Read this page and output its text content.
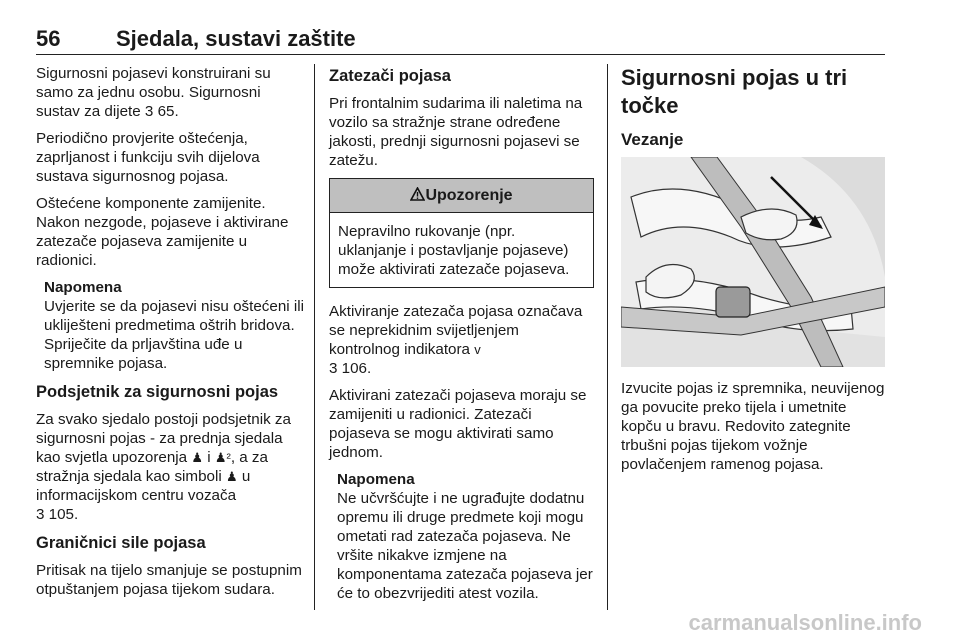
56	Sjedala, sustavi zaštite

Sigurnosni pojasevi konstruirani su samo za jednu osobu. Sigurnosni sustav za dijete 3 65.

Periodično provjerite oštećenja, zaprljanost i funkciju svih dijelova sustava sigurnosnog pojasa.

Oštećene komponente zamijenite. Nakon nezgode, pojaseve i aktivirane zatezače pojaseva zamijenite u radionici.

Napomena
Uvjerite se da pojasevi nisu oštećeni ili ukliješteni predmetima oštrih bridova. Spriječite da prljavština uđe u spremnike pojasa.
Podsjetnik za sigurnosni pojas

Za svako sjedalo postoji podsjetnik za sigurnosni pojas - za prednja sjedala kao svjetla upozorenja ♟ i ♟², a za stražnja sjedala kao simboli ♟ u informacijskom centru vozača
3 105.

Graničnici sile pojasa

Pritisak na tijelo smanjuje se postupnim otpuštanjem pojasa tijekom sudara.

Zatezači pojasa

Pri frontalnim sudarima ili naletima na vozilo sa stražnje strane određene jakosti, prednji sigurnosni pojasevi se zatežu.

Upozorenje
Nepravilno rukovanje (npr. uklanjanje i postavljanje pojaseve) može aktivirati zatezače pojaseva.

Aktiviranje zatezača pojasa označava se neprekidnim svijetljenjem kontrolnog indikatora v
3 106.

Aktivirani zatezači pojaseva moraju se zamijeniti u radionici. Zatezači pojaseva se mogu aktivirati samo jednom.

Napomena
Ne učvršćujte i ne ugrađujte dodatnu opremu ili druge predmete koji mogu ometati rad zatezača pojaseva. Ne vršite nikakve izmjene na komponentama zatezača pojaseva jer će to obezvrijediti atest vozila.
Sigurnosni pojas u tri točke
Vezanje

Izvucite pojas iz spremnika, neuvijenog ga povucite preko tijela i umetnite kopču u bravu. Redovito zategnite trbušni pojas tijekom vožnje povlačenjem ramenog pojasa.

carmanualsonline.info
